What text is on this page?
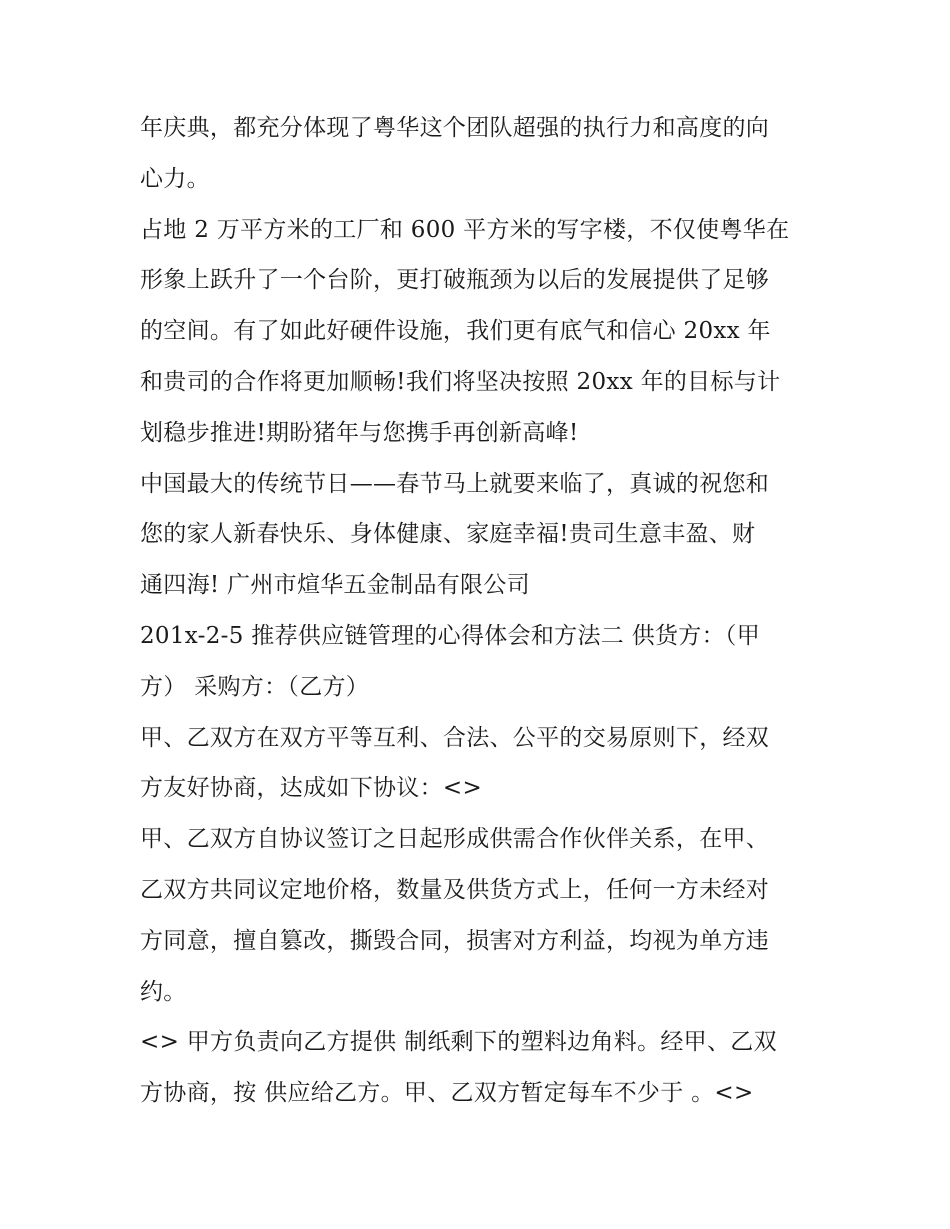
年庆典，都充分体现了粤华这个团队超强的执行力和高度的向
心力。
占地 2 万平方米的工厂和 600 平方米的写字楼，不仅使粤华在
形象上跃升了一个台阶，更打破瓶颈为以后的发展提供了足够
的空间。有了如此好硬件设施，我们更有底气和信心 20xx 年
和贵司的合作将更加顺畅!我们将坚决按照 20xx 年的目标与计
划稳步推进!期盼猪年与您携手再创新高峰!
中国最大的传统节日——春节马上就要来临了，真诚的祝您和
您的家人新春快乐、身体健康、家庭幸福!贵司生意丰盈、财
通四海! 广州市煊华五金制品有限公司
201x-2-5 推荐供应链管理的心得体会和方法二 供货方：（甲
方） 采购方：（乙方）
甲、乙双方在双方平等互利、合法、公平的交易原则下，经双
方友好协商，达成如下协议：<>
甲、乙双方自协议签订之日起形成供需合作伙伴关系，在甲、
乙双方共同议定地价格，数量及供货方式上，任何一方未经对
方同意，擅自篡改，撕毁合同，损害对方利益，均视为单方违
约。
<> 甲方负责向乙方提供 制纸剩下的塑料边角料。经甲、乙双
方协商，按 供应给乙方。甲、乙双方暂定每车不少于 。<>
